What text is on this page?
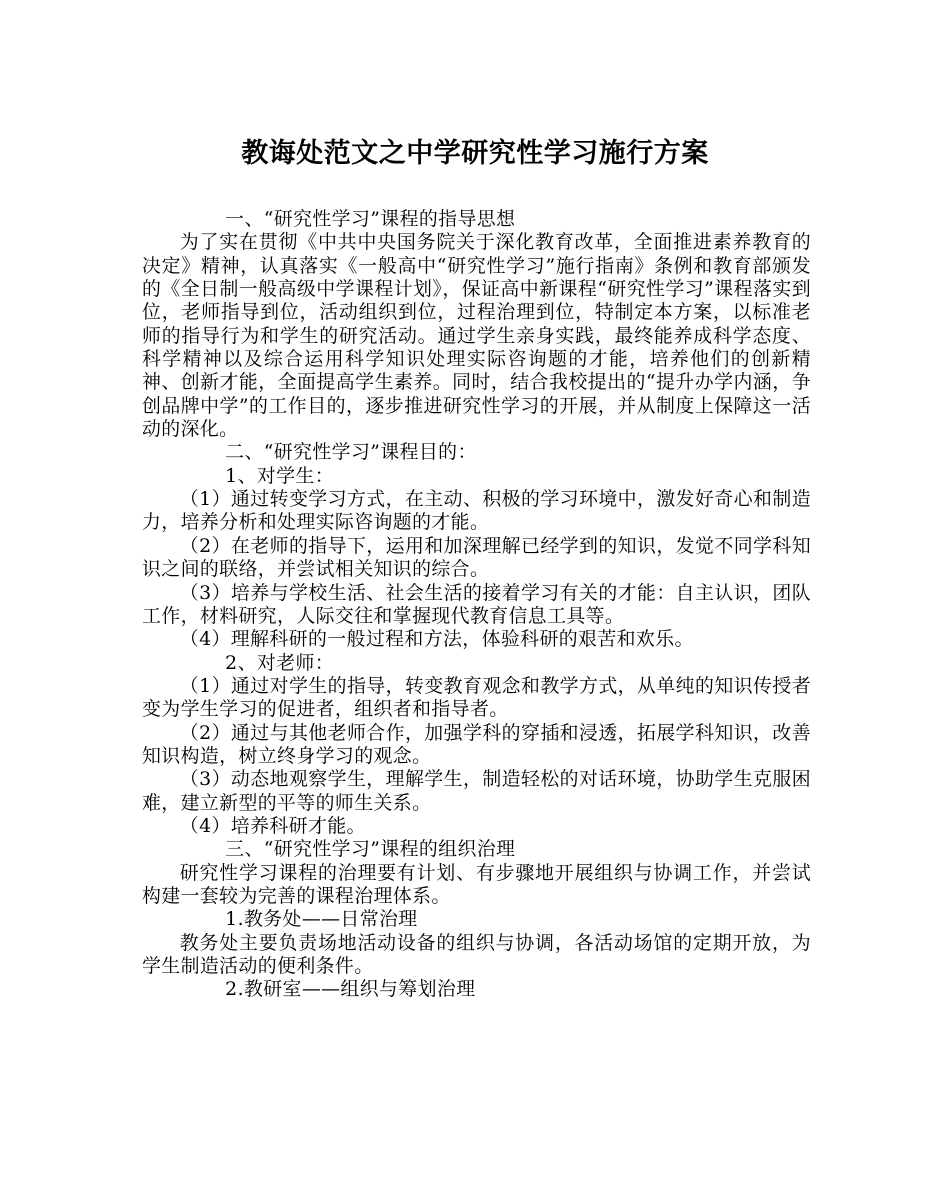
教诲处范文之中学研究性学习施行方案

一、“研究性学习”课程的指导思想

为了实在贯彻《中共中央国务院关于深化教育改革，全面推进素养教育的决定》精神，认真落实《一般高中“研究性学习”施行指南》条例和教育部颁发的《全日制一般高级中学课程计划》，保证高中新课程“研究性学习”课程落实到位，老师指导到位，活动组织到位，过程治理到位，特制定本方案，以标准老师的指导行为和学生的研究活动。通过学生亲身实践，最终能养成科学态度、科学精神以及综合运用科学知识处理实际咨询题的才能，培养他们的创新精神、创新才能，全面提高学生素养。同时，结合我校提出的“提升办学内涵，争创品牌中学”的工作目的，逐步推进研究性学习的开展，并从制度上保障这一活动的深化。

二、“研究性学习”课程目的：

1、对学生：

（1）通过转变学习方式，在主动、积极的学习环境中，激发好奇心和制造力，培养分析和处理实际咨询题的才能。

（2）在老师的指导下，运用和加深理解已经学到的知识，发觉不同学科知识之间的联络，并尝试相关知识的综合。

（3）培养与学校生活、社会生活的接着学习有关的才能：自主认识，团队工作，材料研究，人际交往和掌握现代教育信息工具等。

（4）理解科研的一般过程和方法，体验科研的艰苦和欢乐。

2、对老师：

（1）通过对学生的指导，转变教育观念和教学方式，从单纯的知识传授者变为学生学习的促进者，组织者和指导者。

（2）通过与其他老师合作，加强学科的穿插和浸透，拓展学科知识，改善知识构造，树立终身学习的观念。

（3）动态地观察学生，理解学生，制造轻松的对话环境，协助学生克服困难，建立新型的平等的师生关系。

（4）培养科研才能。

三、“研究性学习”课程的组织治理

研究性学习课程的治理要有计划、有步骤地开展组织与协调工作，并尝试构建一套较为完善的课程治理体系。

1.教务处——日常治理

教务处主要负责场地活动设备的组织与协调，各活动场馆的定期开放，为学生制造活动的便利条件。

2.教研室——组织与筹划治理
